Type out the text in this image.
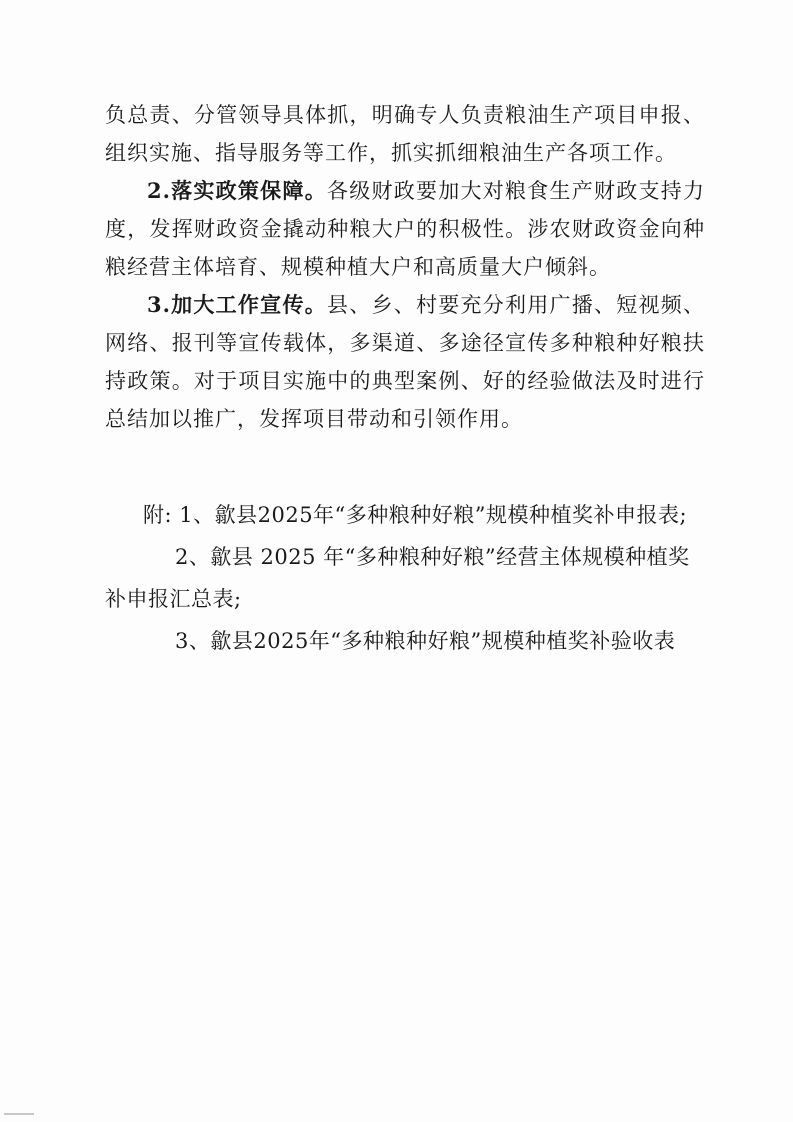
负总责、分管领导具体抓，明确专人负责粮油生产项目申报、组织实施、指导服务等工作，抓实抓细粮油生产各项工作。

2.落实政策保障。各级财政要加大对粮食生产财政支持力度，发挥财政资金撬动种粮大户的积极性。涉农财政资金向种粮经营主体培育、规模种植大户和高质量大户倾斜。

3.加大工作宣传。县、乡、村要充分利用广播、短视频、网络、报刊等宣传载体，多渠道、多途径宣传多种粮种好粮扶持政策。对于项目实施中的典型案例、好的经验做法及时进行总结加以推广，发挥项目带动和引领作用。

附: 1、歙县2025年“多种粮种好粮”规模种植奖补申报表;

2、歙县 2025 年“多种粮种好粮”经营主体规模种植奖

补申报汇总表;

3、歙县2025年“多种粮种好粮”规模种植奖补验收表
